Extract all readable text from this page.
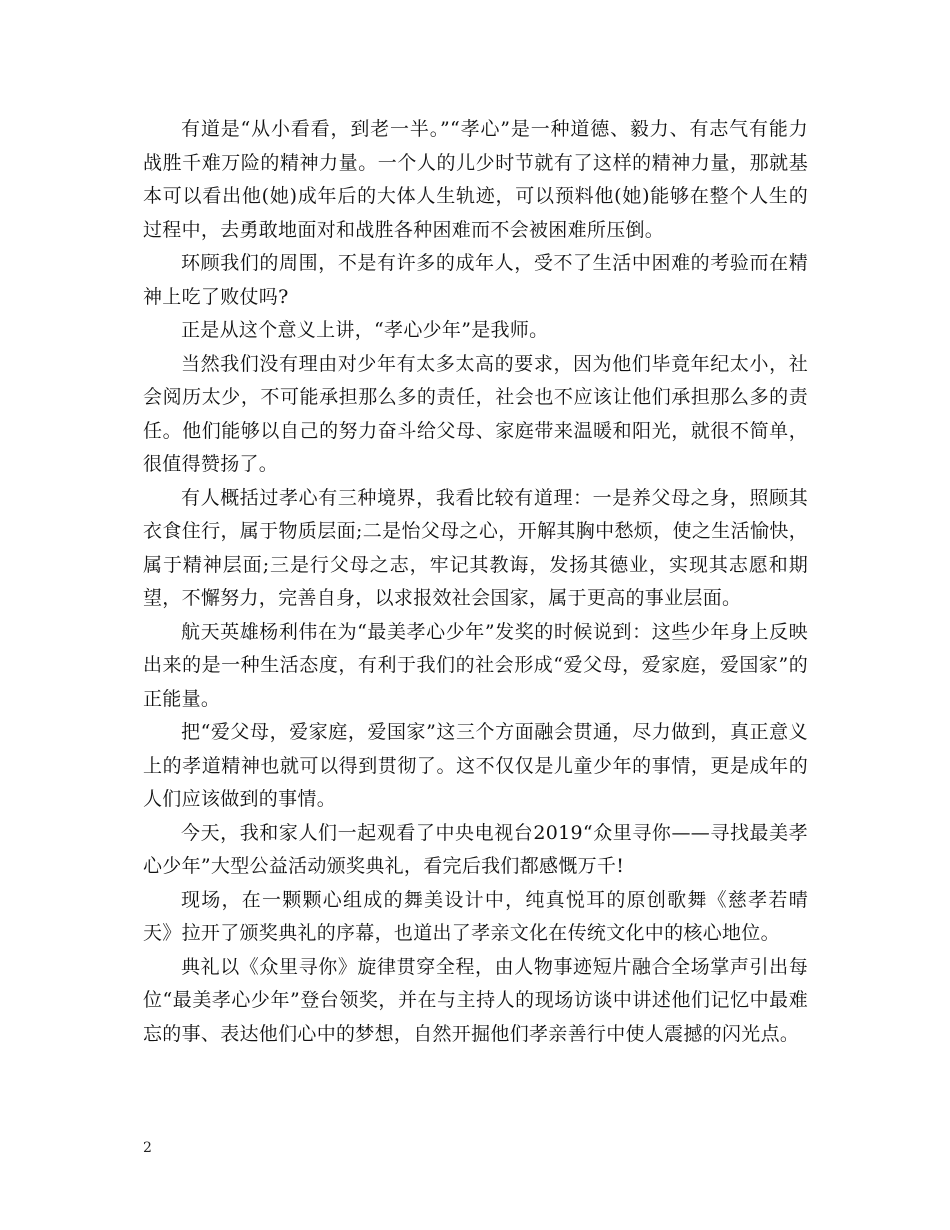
有道是“从小看看，到老一半。”“孝心”是一种道德、毅力、有志气有能力战胜千难万险的精神力量。一个人的儿少时节就有了这样的精神力量，那就基本可以看出他(她)成年后的大体人生轨迹，可以预料他(她)能够在整个人生的过程中，去勇敢地面对和战胜各种困难而不会被困难所压倒。

环顾我们的周围，不是有许多的成年人，受不了生活中困难的考验而在精神上吃了败仗吗?

正是从这个意义上讲，“孝心少年”是我师。

当然我们没有理由对少年有太多太高的要求，因为他们毕竟年纪太小，社会阅历太少，不可能承担那么多的责任，社会也不应该让他们承担那么多的责任。他们能够以自己的努力奋斗给父母、家庭带来温暖和阳光，就很不简单，很值得赞扬了。

有人概括过孝心有三种境界，我看比较有道理：一是养父母之身，照顾其衣食住行，属于物质层面;二是怡父母之心，开解其胸中愁烦，使之生活愉快，属于精神层面;三是行父母之志，牢记其教诲，发扬其德业，实现其志愿和期望，不懈努力，完善自身，以求报效社会国家，属于更高的事业层面。

航天英雄杨利伟在为“最美孝心少年”发奖的时候说到：这些少年身上反映出来的是一种生活态度，有利于我们的社会形成“爱父母，爱家庭，爱国家”的正能量。

把“爱父母，爱家庭，爱国家”这三个方面融会贯通，尽力做到，真正意义上的孝道精神也就可以得到贯彻了。这不仅仅是儿童少年的事情，更是成年的人们应该做到的事情。

今天，我和家人们一起观看了中央电视台2019“众里寻你——寻找最美孝心少年”大型公益活动颁奖典礼，看完后我们都感慨万千!

现场，在一颗颗心组成的舞美设计中，纯真悦耳的原创歌舞《慈孝若晴天》拉开了颁奖典礼的序幕，也道出了孝亲文化在传统文化中的核心地位。

典礼以《众里寻你》旋律贯穿全程，由人物事迹短片融合全场掌声引出每位“最美孝心少年”登台领奖，并在与主持人的现场访谈中讲述他们记忆中最难忘的事、表达他们心中的梦想，自然开掘他们孝亲善行中使人震撼的闪光点。

2
